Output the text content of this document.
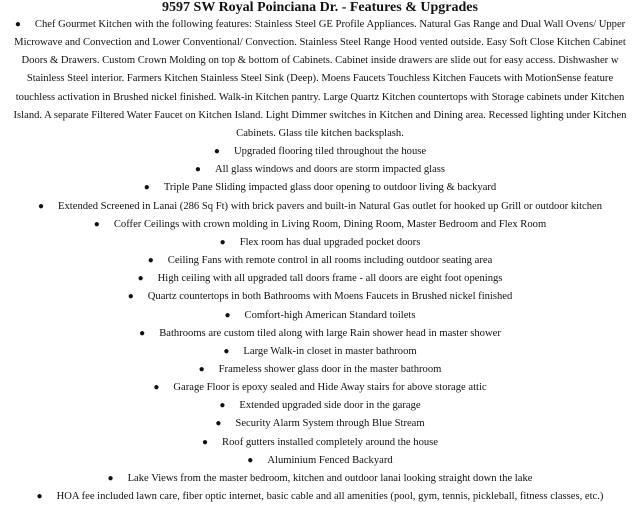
9597 SW Royal Poinciana Dr. - Features & Upgrades
● Chef Gourmet Kitchen with the following features: Stainless Steel GE Profile Appliances. Natural Gas Range and Dual Wall Ovens/ Upper Microwave and Convection and Lower Conventional/ Convection. Stainless Steel Range Hood vented outside. Easy Soft Close Kitchen Cabinet Doors & Drawers. Custom Crown Molding on top & bottom of Cabinets. Cabinet inside drawers are slide out for easy access. Dishwasher w Stainless Steel interior. Farmers Kitchen Stainless Steel Sink (Deep). Moens Faucets Touchless Kitchen Faucets with MotionSense feature touchless activation in Brushed nickel finished. Walk-in Kitchen pantry. Large Quartz Kitchen countertops with Storage cabinets under Kitchen Island. A separate Filtered Water Faucet on Kitchen Island. Light Dimmer switches in Kitchen and Dining area. Recessed lighting under Kitchen Cabinets. Glass tile kitchen backsplash.
● Upgraded flooring tiled throughout the house
● All glass windows and doors are storm impacted glass
● Triple Pane Sliding impacted glass door opening to outdoor living & backyard
● Extended Screened in Lanai (286 Sq Ft) with brick pavers and built-in Natural Gas outlet for hooked up Grill or outdoor kitchen
● Coffer Ceilings with crown molding in Living Room, Dining Room, Master Bedroom and Flex Room
● Flex room has dual upgraded pocket doors
● Ceiling Fans with remote control in all rooms including outdoor seating area
● High ceiling with all upgraded tall doors frame - all doors are eight foot openings
● Quartz countertops in both Bathrooms with Moens Faucets in Brushed nickel finished
● Comfort-high American Standard toilets
● Bathrooms are custom tiled along with large Rain shower head in master shower
● Large Walk-in closet in master bathroom
● Frameless shower glass door in the master bathroom
● Garage Floor is epoxy sealed and Hide Away stairs for above storage attic
● Extended upgraded side door in the garage
● Security Alarm System through Blue Stream
● Roof gutters installed completely around the house
● Aluminium Fenced Backyard
● Lake Views from the master bedroom, kitchen and outdoor lanai looking straight down the lake
● HOA fee included lawn care, fiber optic internet, basic cable and all amenities (pool, gym, tennis, pickleball, fitness classes, etc.)
